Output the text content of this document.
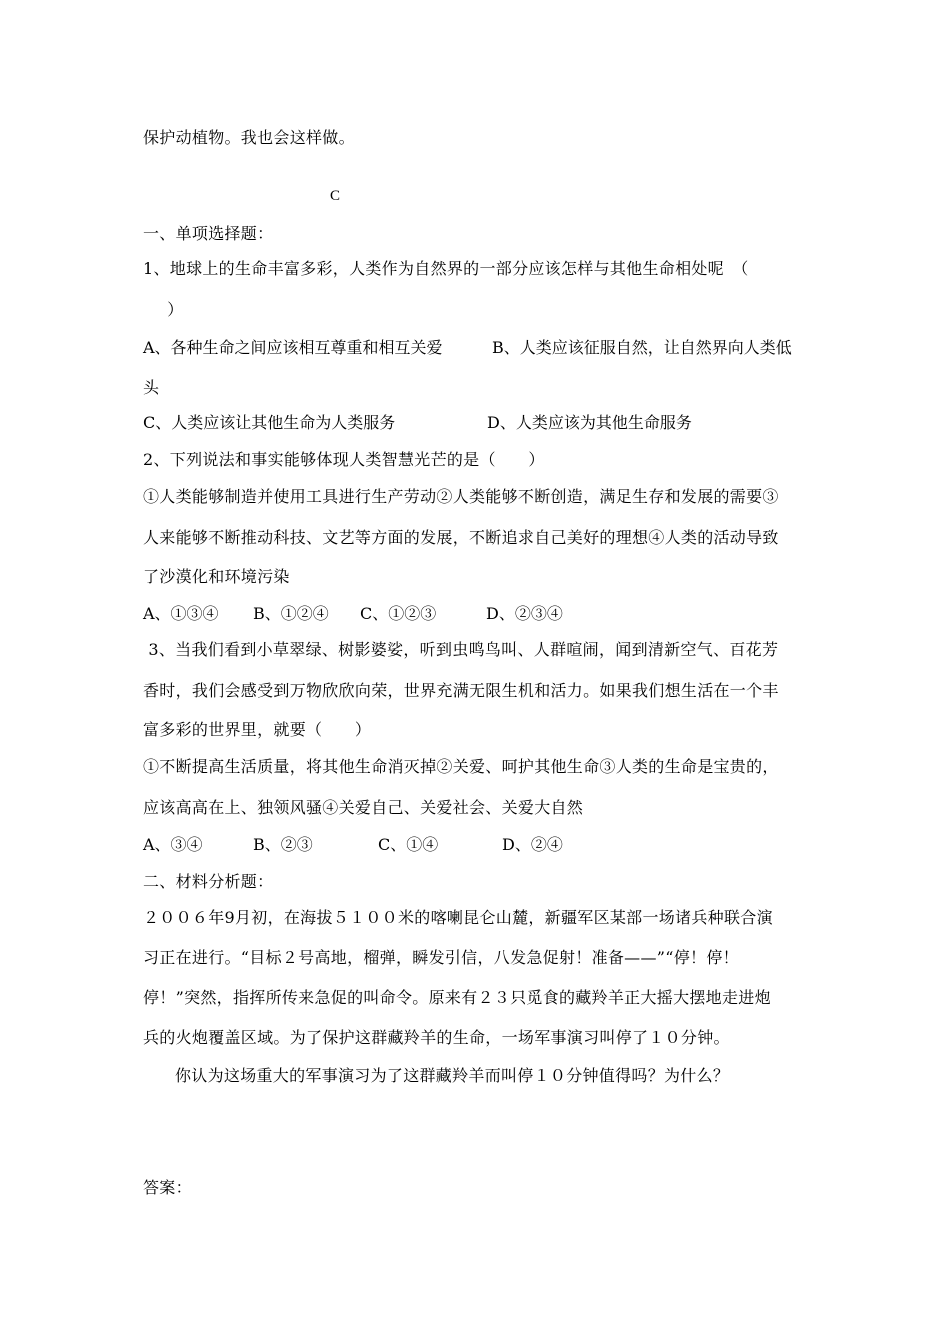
保护动植物。我也会这样做。
C
一、单项选择题：
1、地球上的生命丰富多彩，人类作为自然界的一部分应该怎样与其他生命相处呢　（
　）
A、各种生命之间应该相互尊重和相互关爱	B、人类应该征服自然，让自然界向人类低
头
C、人类应该让其他生命为人类服务	D、人类应该为其他生命服务
2、下列说法和事实能够体现人类智慧光芒的是（　　）
①人类能够制造并使用工具进行生产劳动②人类能够不断创造，满足生存和发展的需要③
人来能够不断推动科技、文艺等方面的发展，不断追求自己美好的理想④人类的活动导致
了沙漠化和环境污染
A、①③④ B、①②④ C、①②③	D、②③④
3、当我们看到小草翠绿、树影婆娑，听到虫鸣鸟叫、人群喧闹，闻到清新空气、百花芳
香时，我们会感受到万物欣欣向荣，世界充满无限生机和活力。如果我们想生活在一个丰
富多彩的世界里，就要（　　）
①不断提高生活质量，将其他生命消灭掉②关爱、呵护其他生命③人类的生命是宝贵的，
应该高高在上、独领风骚④关爱自己、关爱社会、关爱大自然
A、③④	B、②③	C、①④	D、②④
二、材料分析题：
２００６年9月初，在海拔５１００米的喀喇昆仑山麓，新疆军区某部一场诸兵种联合演
习正在进行。“目标２号高地，榴弹，瞬发引信，八发急促射！准备——”“停！停！
停！”突然，指挥所传来急促的叫命令。原来有２３只觅食的藏羚羊正大摇大摆地走进炮
兵的火炮覆盖区域。为了保护这群藏羚羊的生命，一场军事演习叫停了１０分钟。
你认为这场重大的军事演习为了这群藏羚羊而叫停１０分钟值得吗？为什么？
答案：
